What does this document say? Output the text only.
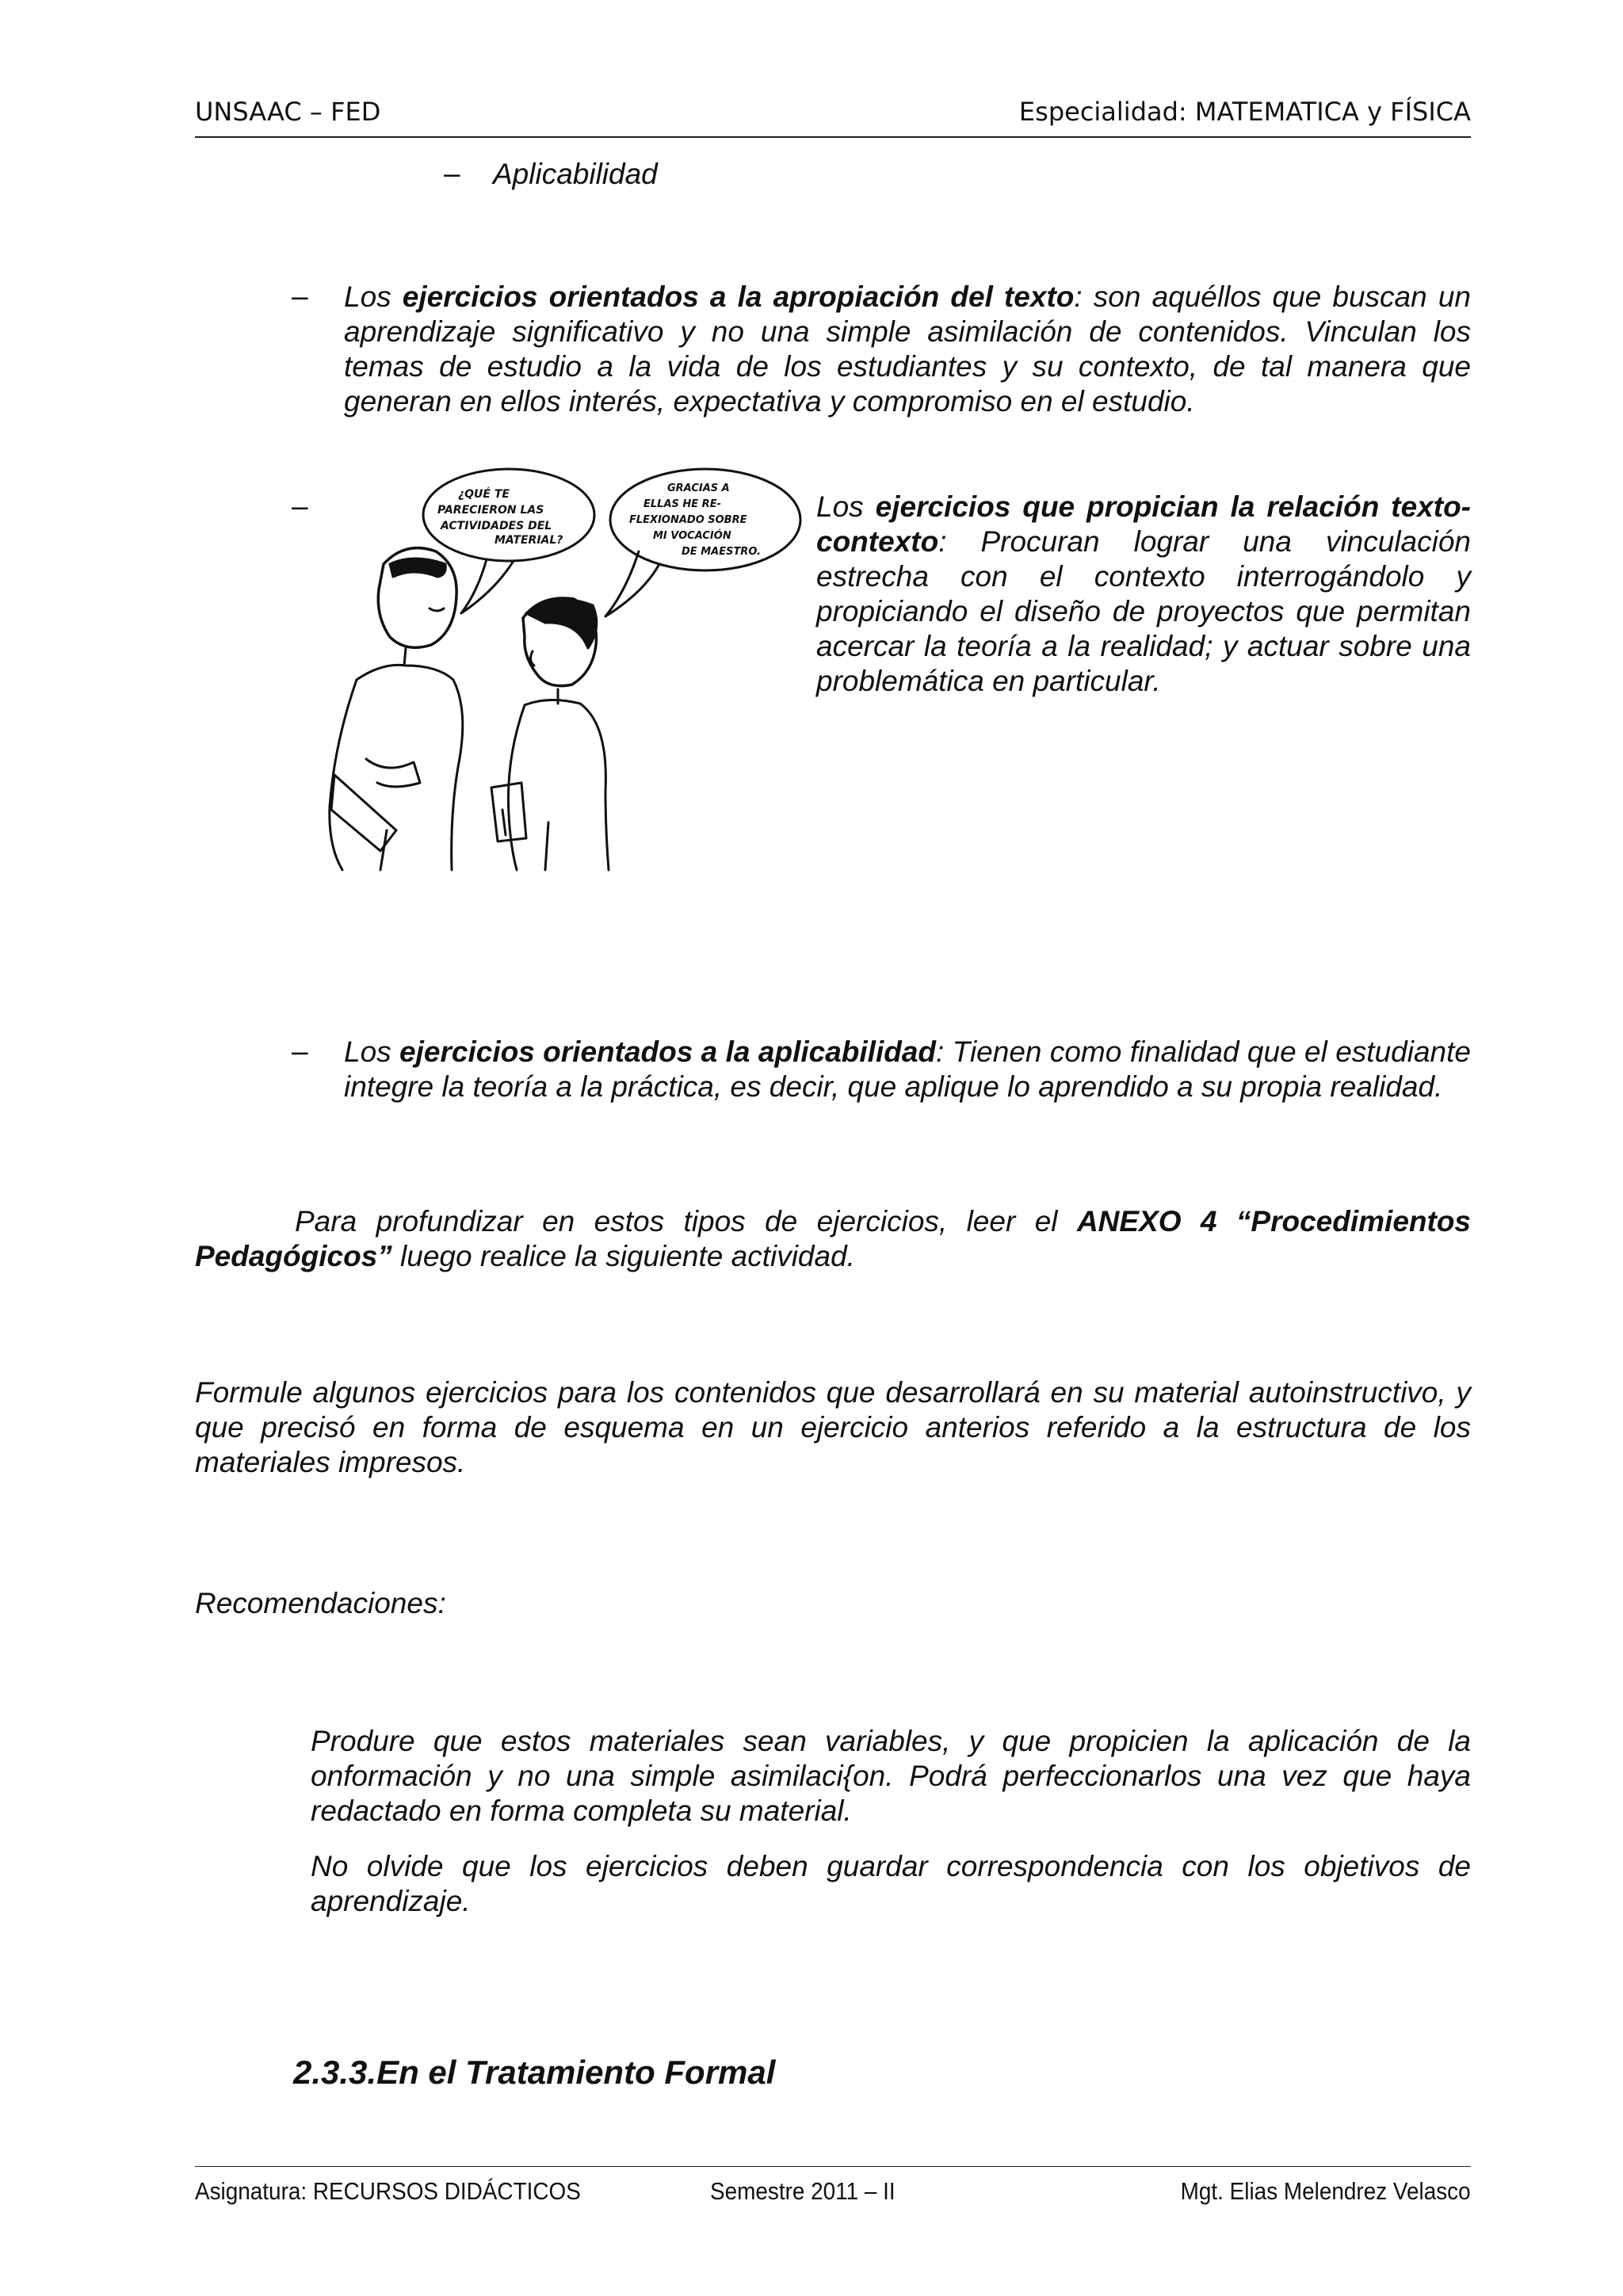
UNSAAC – FED	Especialidad: MATEMATICA y FÍSICA
– Aplicabilidad
– Los ejercicios orientados a la apropiación del texto: son aquéllos que buscan un aprendizaje significativo y no una simple asimilación de contenidos. Vinculan los temas de estudio a la vida de los estudiantes y su contexto, de tal manera que generan en ellos interés, expectativa y compromiso en el estudio.
–	¿QUÉ TE
PARECIERON LAS
ACTIVIDADES DEL
MATERIAL?
GRACIAS A
ELLAS HE RE-
FLEXIONADO SOBRE
MI VOCACIÓN
DE MAESTRO.
Los ejercicios que propician la relación texto-contexto: Procuran lograr una vinculación estrecha con el contexto interrogándolo y propiciando el diseño de proyectos que permitan acercar la teoría a la realidad; y actuar sobre una problemática en particular.
– Los ejercicios orientados a la aplicabilidad: Tienen como finalidad que el estudiante integre la teoría a la práctica, es decir, que aplique lo aprendido a su propia realidad.
Para profundizar en estos tipos de ejercicios, leer el ANEXO 4 “Procedimientos Pedagógicos” luego realice la siguiente actividad.
Formule algunos ejercicios para los contenidos que desarrollará en su material autoinstructivo, y que precisó en forma de esquema en un ejercicio anterios referido a la estructura de los materiales impresos.
Recomendaciones:
Produre que estos materiales sean variables, y que propicien la aplicación de la onformación y no una simple asimilaci{on. Podrá perfeccionarlos una vez que haya redactado en forma completa su material.
No olvide que los ejercicios deben guardar correspondencia con los objetivos de aprendizaje.
2.3.3.En el Tratamiento Formal
Asignatura: RECURSOS DIDÁCTICOS	Semestre 2011 – II	Mgt. Elias Melendrez Velasco
